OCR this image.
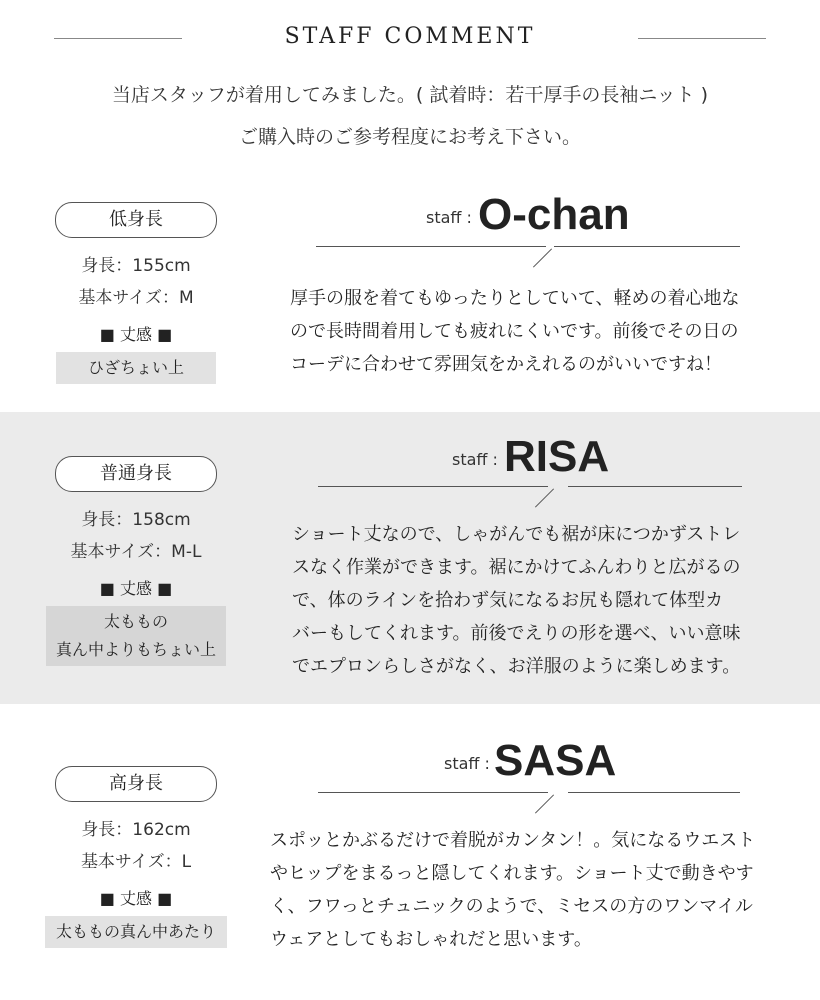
STAFF COMMENT
当店スタッフが着用してみました。( 試着時：若干厚手の長袖ニット )
ご購入時のご参考程度にお考え下さい。
低身長
身長：155cm
基本サイズ：M
■ 丈感 ■
ひざちょい上
staff : O-chan
厚手の服を着てもゆったりとしていて、軽めの着心地な
ので長時間着用しても疲れにくいです。前後でその日の
コーデに合わせて雰囲気をかえれるのがいいですね！
普通身長
身長：158cm
基本サイズ：M-L
■ 丈感 ■
太ももの
真ん中よりもちょい上
staff : RISA
ショート丈なので、しゃがんでも裾が床につかずストレ
スなく作業ができます。裾にかけてふんわりと広がるの
で、体のラインを拾わず気になるお尻も隠れて体型カ
バーもしてくれます。前後でえりの形を選べ、いい意味
でエプロンらしさがなく、お洋服のように楽しめます。
高身長
身長：162cm
基本サイズ：L
■ 丈感 ■
太ももの真ん中あたり
staff : SASA
スポッとかぶるだけで着脱がカンタン！。気になるウエスト
やヒップをまるっと隠してくれます。ショート丈で動きやす
く、フワっとチュニックのようで、ミセスの方のワンマイル
ウェアとしてもおしゃれだと思います。
